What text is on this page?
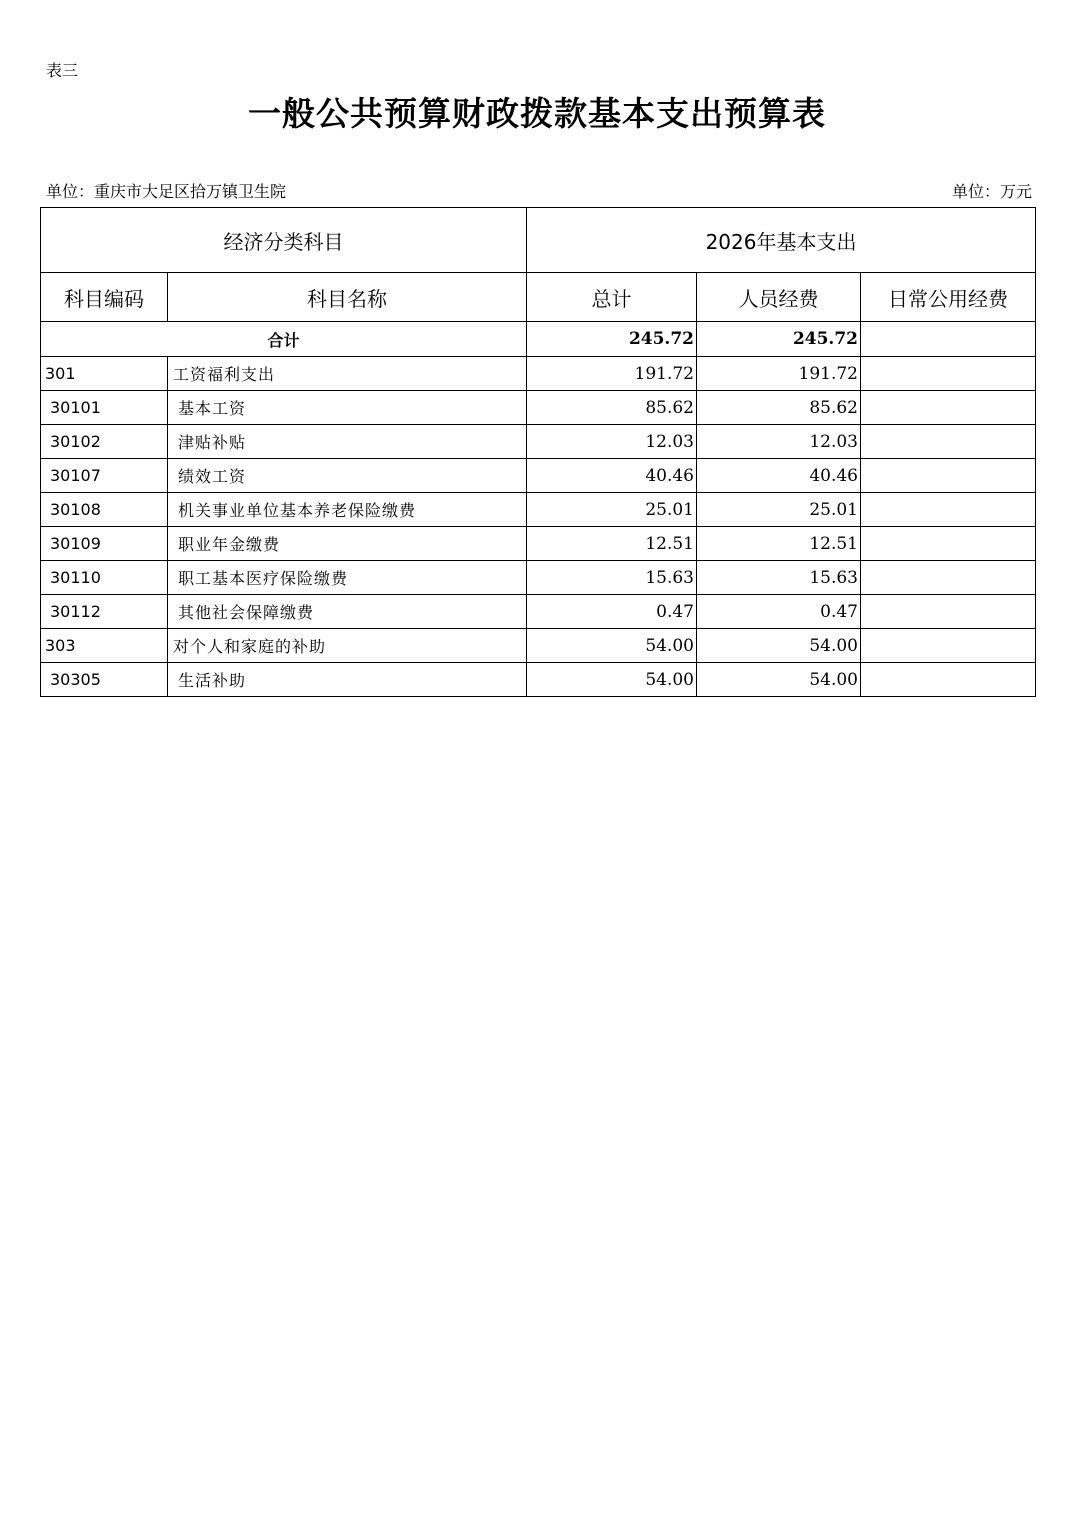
表三
一般公共预算财政拨款基本支出预算表
单位：重庆市大足区拾万镇卫生院	单位：万元
经济分类科目		2026年基本支出		
科目编码	科目名称	总计	人员经费	日常公用经费
合计		245.72	245.72	
301	工资福利支出	191.72	191.72	
30101	基本工资	85.62	85.62	
30102	津贴补贴	12.03	12.03	
30107	绩效工资	40.46	40.46	
30108	机关事业单位基本养老保险缴费	25.01	25.01	
30109	职业年金缴费	12.51	12.51	
30110	职工基本医疗保险缴费	15.63	15.63	
30112	其他社会保障缴费	0.47	0.47	
303	对个人和家庭的补助	54.00	54.00	
30305	生活补助	54.00	54.00	
